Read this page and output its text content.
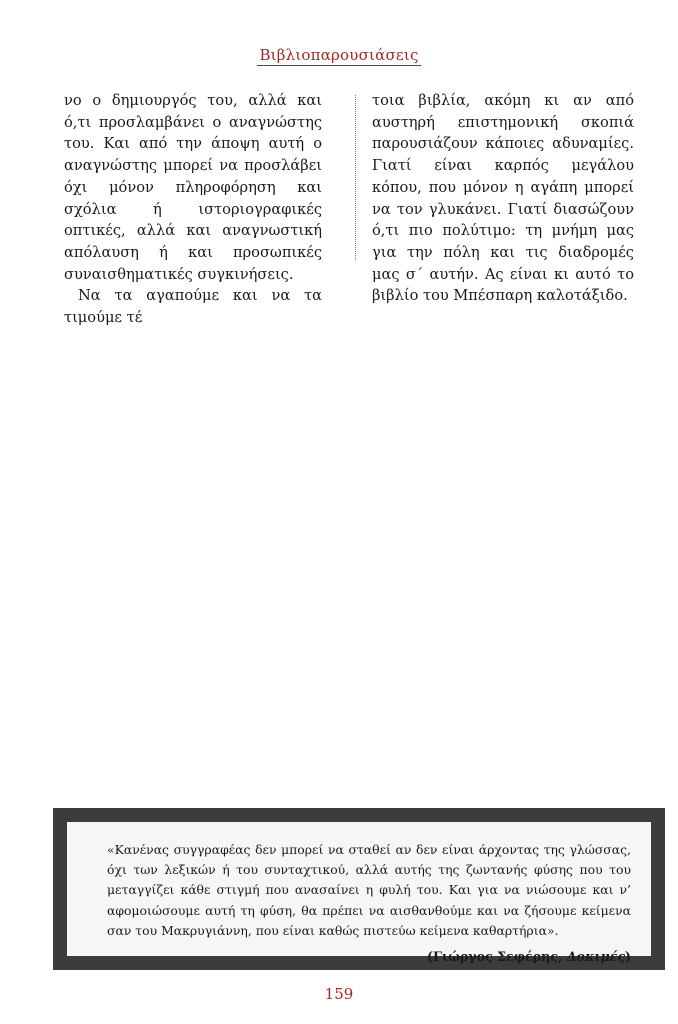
Βιβλιοπαρουσιάσεις

νο ο δημιουργός του, αλλά και ό,τι προσλαμβάνει ο αναγνώστης του. Και από την άποψη αυτή ο αναγνώστης μπορεί να προσλάβει όχι μόνον πληροφόρηση και σχόλια ή ιστοριογραφικές οπτικές, αλλά και αναγνωστική απόλαυση ή και προσωπικές συναισθηματικές συγκινήσεις.

Να τα αγαπούμε και να τα τιμούμε τέ

τοια βιβλία, ακόμη κι αν από αυστηρή επιστημονική σκοπιά παρουσιάζουν κάποιες αδυναμίες. Γιατί είναι καρπός μεγάλου κόπου, που μόνον η αγάπη μπορεί να τον γλυκάνει. Γιατί διασώζουν ό,τι πιο πολύτιμο: τη μνήμη μας για την πόλη και τις διαδρομές μας σ΄ αυτήν. Ας είναι κι αυτό το βιβλίο του Μπέσπαρη καλοτάξιδο.

«Κανένας συγγραφέας δεν μπορεί να σταθεί αν δεν είναι άρχοντας της γλώσσας, όχι των λεξικών ή του συνταχτικού, αλλά αυτής της ζωντανής φύσης που του μεταγγίζει κάθε στιγμή που ανασαίνει η φυλή του. Και για να νιώσουμε και ν’ αφομοιώσουμε αυτή τη φύση, θα πρέπει να αισθανθούμε και να ζήσουμε κείμενα σαν του Μακρυγιάννη, που είναι καθώς πιστεύω κείμενα καθαρτήρια».

(Γιώργος Σεφέρης, Δοκιμές)

159
